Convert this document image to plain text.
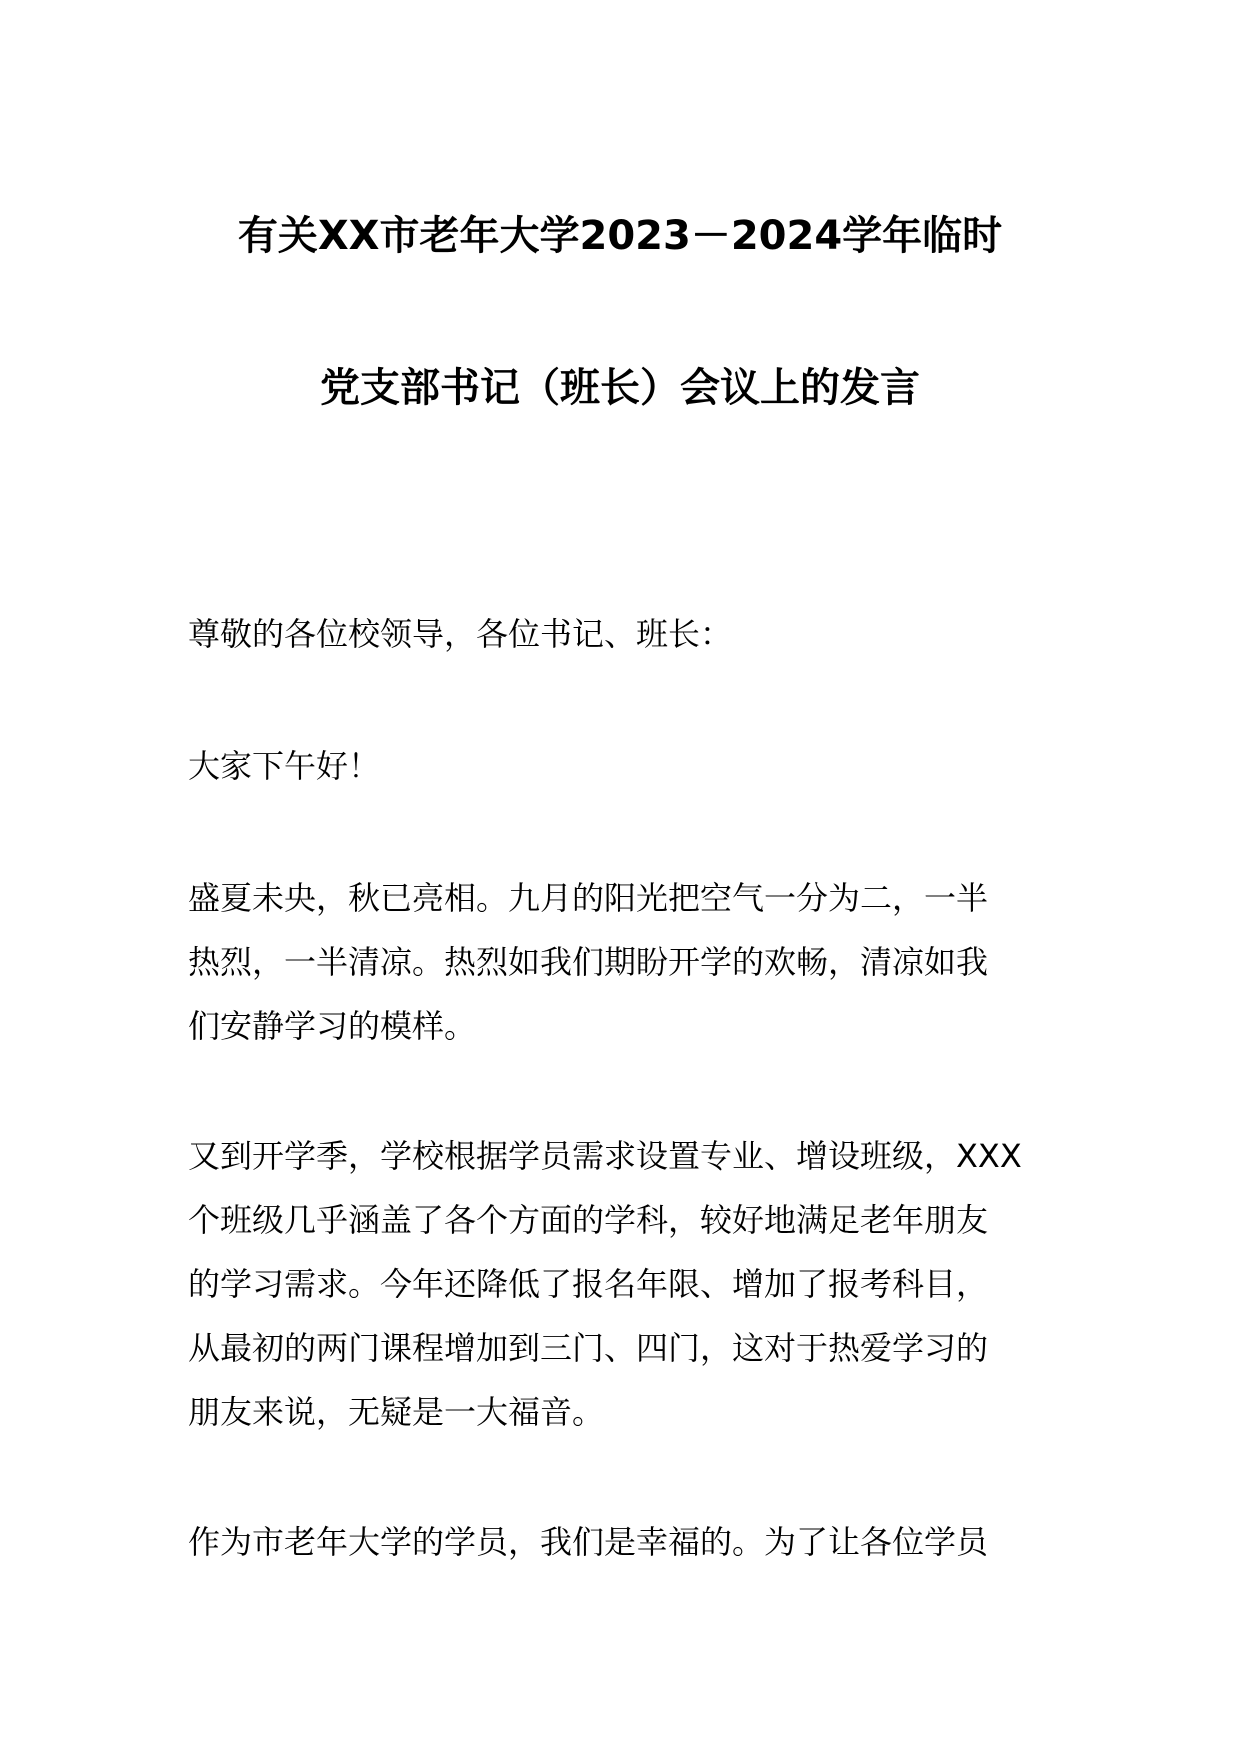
有关XX市老年大学2023－2024学年临时
党支部书记（班长）会议上的发言
尊敬的各位校领导，各位书记、班长：
大家下午好！
盛夏未央，秋已亮相。九月的阳光把空气一分为二，一半
热烈，一半清凉。热烈如我们期盼开学的欢畅，清凉如我
们安静学习的模样。
又到开学季，学校根据学员需求设置专业、增设班级，XXX
个班级几乎涵盖了各个方面的学科，较好地满足老年朋友
的学习需求。今年还降低了报名年限、增加了报考科目，
从最初的两门课程增加到三门、四门，这对于热爱学习的
朋友来说，无疑是一大福音。
作为市老年大学的学员，我们是幸福的。为了让各位学员
